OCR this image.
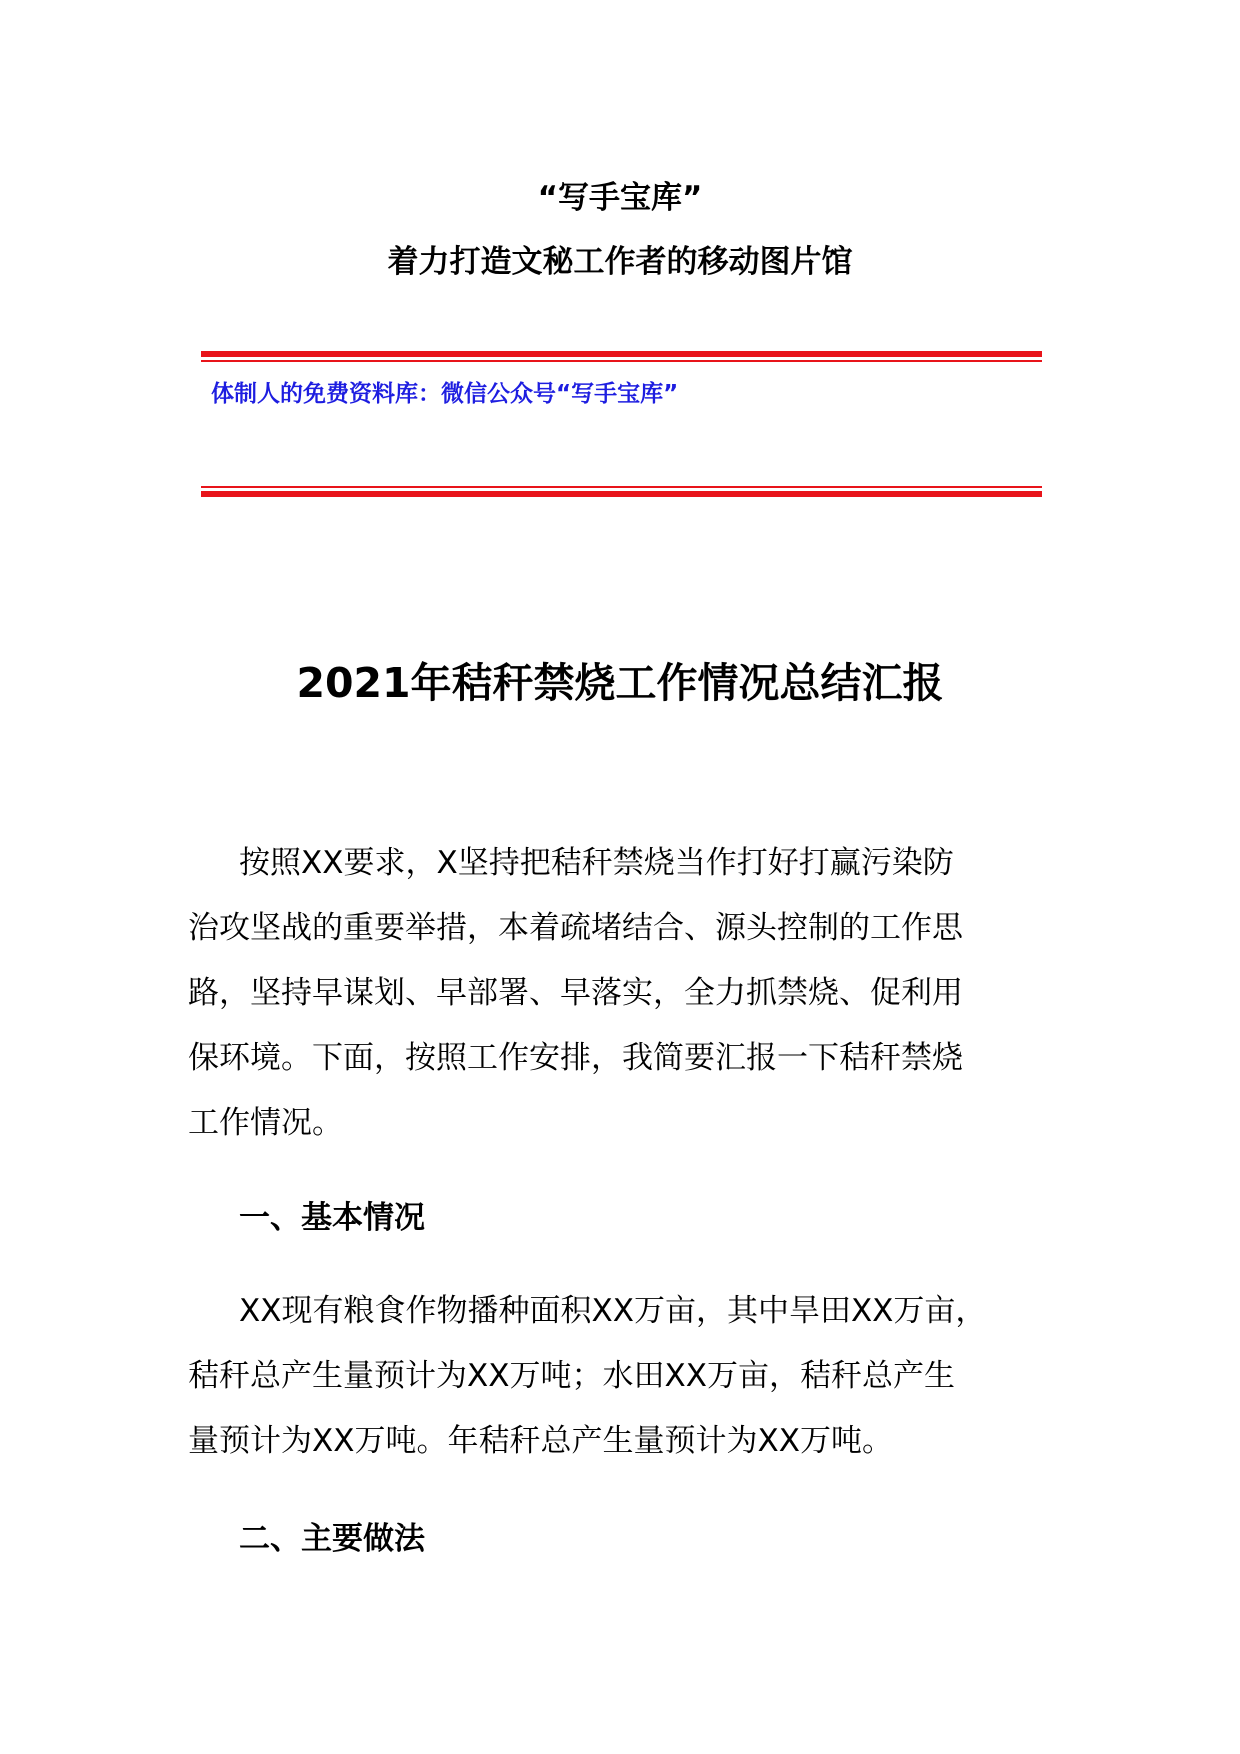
“写手宝库”
着力打造文秘工作者的移动图片馆
体制人的免费资料库：微信公众号“写手宝库”
2021年秸秆禁烧工作情况总结汇报
按照XX要求，X坚持把秸秆禁烧当作打好打赢污染防
治攻坚战的重要举措，本着疏堵结合、源头控制的工作思
路，坚持早谋划、早部署、早落实，全力抓禁烧、促利用
保环境。下面，按照工作安排，我简要汇报一下秸秆禁烧
工作情况。
一、基本情况
XX现有粮食作物播种面积XX万亩，其中旱田XX万亩，
秸秆总产生量预计为XX万吨；水田XX万亩，秸秆总产生
量预计为XX万吨。年秸秆总产生量预计为XX万吨。
二、主要做法
